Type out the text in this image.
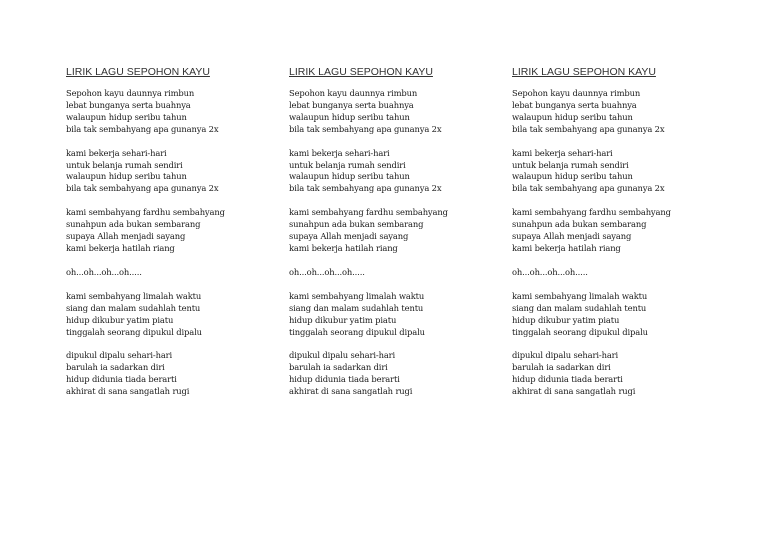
LIRIK LAGU SEPOHON KAYU
Sepohon kayu daunnya rimbun
lebat bunganya serta buahnya
walaupun hidup seribu tahun
bila tak sembahyang apa gunanya 2x
kami bekerja sehari-hari
untuk belanja rumah sendiri
walaupun hidup seribu tahun
bila tak sembahyang apa gunanya 2x
kami sembahyang fardhu sembahyang
sunahpun ada bukan sembarang
supaya Allah menjadi sayang
kami bekerja hatilah riang
oh...oh...oh...oh.....
kami sembahyang limalah waktu
siang dan malam sudahlah tentu
hidup dikubur yatim piatu
tinggalah seorang dipukul dipalu
dipukul dipalu sehari-hari
barulah ia sadarkan diri
hidup didunia tiada berarti
akhirat di sana sangatlah rugi
LIRIK LAGU SEPOHON KAYU
Sepohon kayu daunnya rimbun
lebat bunganya serta buahnya
walaupun hidup seribu tahun
bila tak sembahyang apa gunanya 2x
kami bekerja sehari-hari
untuk belanja rumah sendiri
walaupun hidup seribu tahun
bila tak sembahyang apa gunanya 2x
kami sembahyang fardhu sembahyang
sunahpun ada bukan sembarang
supaya Allah menjadi sayang
kami bekerja hatilah riang
oh...oh...oh...oh.....
kami sembahyang limalah waktu
siang dan malam sudahlah tentu
hidup dikubur yatim piatu
tinggalah seorang dipukul dipalu
dipukul dipalu sehari-hari
barulah ia sadarkan diri
hidup didunia tiada berarti
akhirat di sana sangatlah rugi
LIRIK LAGU SEPOHON KAYU
Sepohon kayu daunnya rimbun
lebat bunganya serta buahnya
walaupun hidup seribu tahun
bila tak sembahyang apa gunanya 2x
kami bekerja sehari-hari
untuk belanja rumah sendiri
walaupun hidup seribu tahun
bila tak sembahyang apa gunanya 2x
kami sembahyang fardhu sembahyang
sunahpun ada bukan sembarang
supaya Allah menjadi sayang
kami bekerja hatilah riang
oh...oh...oh...oh.....
kami sembahyang limalah waktu
siang dan malam sudahlah tentu
hidup dikubur yatim piatu
tinggalah seorang dipukul dipalu
dipukul dipalu sehari-hari
barulah ia sadarkan diri
hidup didunia tiada berarti
akhirat di sana sangatlah rugi
